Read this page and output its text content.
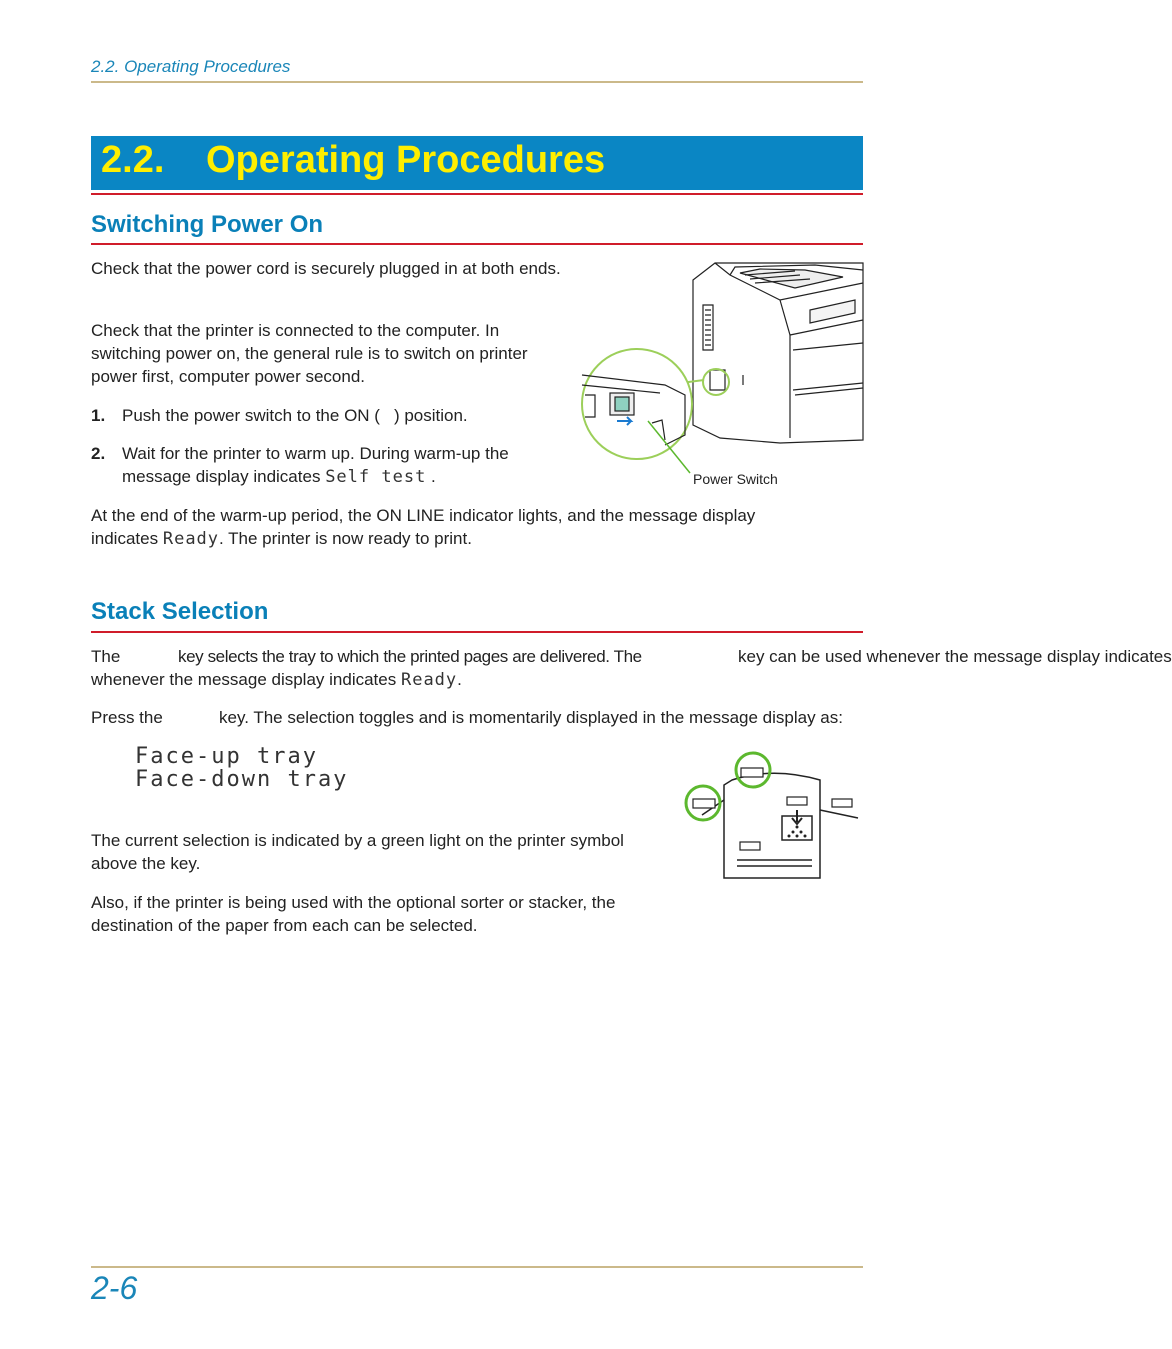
2.2. Operating Procedures
2.2. Operating Procedures
Switching Power On
Check that the power cord is securely plugged in at both ends.
Check that the printer is connected to the computer. In switching power on, the general rule is to switch on printer power first, computer power second.
1. Push the power switch to the ON ( ) position.
2. Wait for the printer to warm up. During warm-up the message display indicates Self test .
At the end of the warm-up period, the ON LINE indicator lights, and the message display indicates Ready. The printer is now ready to print.
Power Switch
Stack Selection
The	key selects the tray to which the printed pages are delivered. The	key can be used whenever the message display indicates
whenever the message display indicates Ready.
Press the	key. The selection toggles and is momentarily displayed in the message display as:
Face-up tray
Face-down tray
The current selection is indicated by a green light on the printer symbol above the key.
Also, if the printer is being used with the optional sorter or stacker, the destination of the paper from each can be selected.
2-6
